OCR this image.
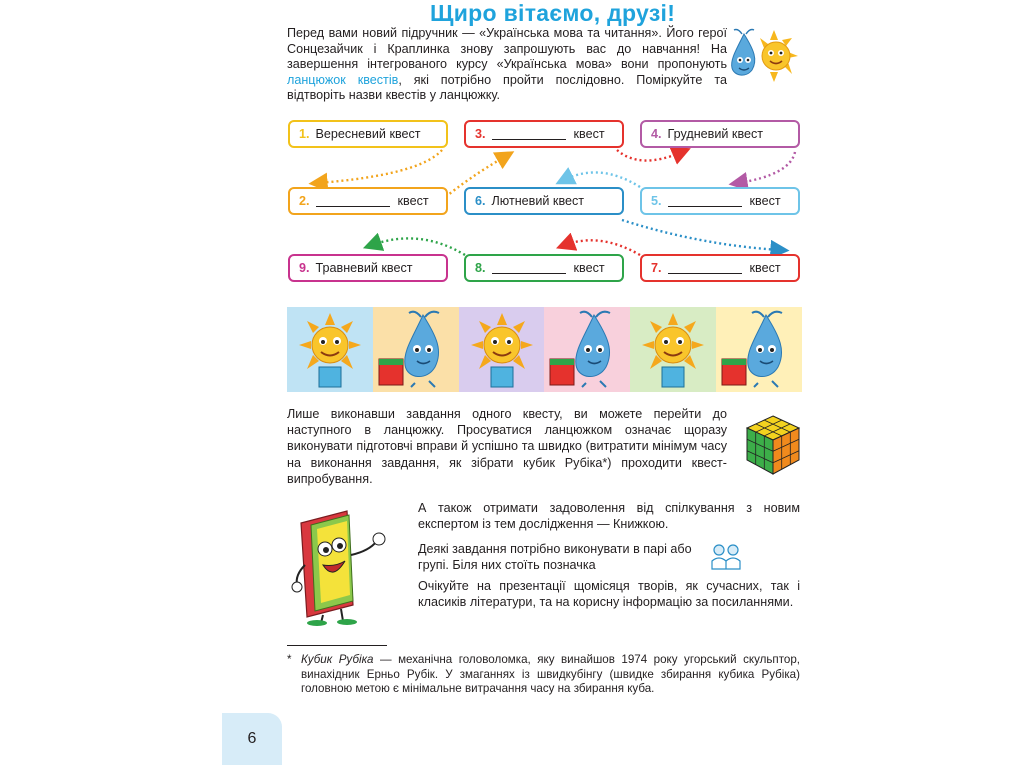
Щиро вітаємо, друзі!
Перед вами новий підручник — «Українська мова та читання». Його герої Сонцезайчик і Краплинка знову запрошують вас до навчання! На завершення інтегрованого курсу «Українська мова» вони пропонують ланцюжок квестів, які потрібно пройти послідовно. Поміркуйте та відтворіть назви квестів у ланцюжку.
1. Вересневий квест
2.	квест
3.	квест	4. Грудневий квест
5.	квест
6. Лютневий квест
7.	квест
8.	квест
9. Травневий квест
Лише виконавши завдання одного квесту, ви можете перейти до наступного в ланцюжку. Просуватися ланцюжком означає щоразу виконувати підготовчі вправи й успішно та швидко (витратити мінімум часу на виконання завдання, як зібрати кубик Рубіка*) проходити квест-випробування.
А також отримати задоволення від спілкування з новим експертом із тем дослідження — Книжкою.
Деякі завдання потрібно виконувати в парі або групі. Біля них стоїть позначка
Очікуйте на презентації щомісяця творів, як сучасних, так і класиків літератури, та на корисну інформацію за посиланнями.
* Кубик Рубіка — механічна головоломка, яку винайшов 1974 року угорський скульптор, винахідник Ерньо Рубік. У змаганнях із швидкубінгу (швидке збирання кубика Рубіка) головною метою є мінімальне витрачання часу на збирання куба.
6
